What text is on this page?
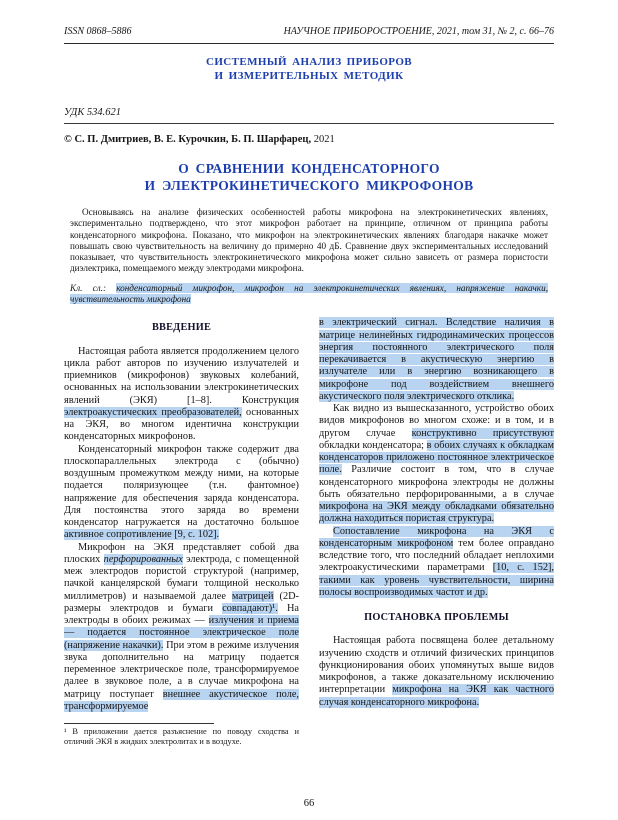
ISSN 0868–5886	НАУЧНОЕ ПРИБОРОСТРОЕНИЕ, 2021, том 31, № 2, с. 66–76
СИСТЕМНЫЙ АНАЛИЗ ПРИБОРОВ
И ИЗМЕРИТЕЛЬНЫХ МЕТОДИК
УДК 534.621
© С. П. Дмитриев, В. Е. Курочкин, Б. П. Шарфарец, 2021
О СРАВНЕНИИ КОНДЕНСАТОРНОГО
И ЭЛЕКТРОКИНЕТИЧЕСКОГО МИКРОФОНОВ

Основываясь на анализе физических особенностей работы микрофона на электрокинетических явлениях, экспериментально подтверждено, что этот микрофон работает на принципе, отличном от принципа работы конденсаторного микрофона. Показано, что микрофон на электрокинетических явлениях благодаря накачке может повышать свою чувствительность на величину до примерно 40 дБ. Сравнение двух экспериментальных исследований показывает, что чувствительность электрокинетического микрофона может сильно зависеть от размера пористости диэлектрика, помещаемого между электродами микрофона.

Кл. сл.: конденсаторный микрофон, микрофон на электрокинетических явлениях, напряжение накачки, чувствительность микрофона

ВВЕДЕНИЕ

Настоящая работа является продолжением целого цикла работ авторов по изучению излучателей и приемников (микрофонов) звуковых колебаний, основанных на использовании электрокинетических явлений (ЭКЯ) [1–8]. Конструкция электроакустических преобразователей, основанных на ЭКЯ, во многом идентична конструкции конденсаторных микрофонов.

Конденсаторный микрофон также содержит два плоскопараллельных электрода с (обычно) воздушным промежутком между ними, на которые подается поляризующее (т.н. фантомное) напряжение для обеспечения заряда конденсатора. Для постоянства этого заряда во времени конденсатор нагружается на достаточно большое активное сопротивление [9, с. 102].

Микрофон на ЭКЯ представляет собой два плоских перфорированных электрода, с помещенной меж электродов пористой структурой (например, пачкой канцелярской бумаги толщиной несколько миллиметров) и называемой далее матрицей (2D-размеры электродов и бумаги совпадают)¹. На электроды в обоих режимах — излучения и приема — подается постоянное электрическое поле (напряжение накачки). При этом в режиме излучения звука дополнительно на матрицу подается переменное электрическое поле, трансформируемое далее в звуковое поле, а в случае микрофона на матрицу поступает внешнее акустическое поле, трансформируемое

¹ В приложении дается разъяснение по поводу сходства и отличий ЭКЯ в жидких электролитах и в воздухе.

в электрический сигнал. Вследствие наличия в матрице нелинейных гидродинамических процессов энергия постоянного электрического поля перекачивается в акустическую энергию в излучателе или в энергию возникающего в микрофоне под воздействием внешнего акустического поля электрического отклика.

Как видно из вышесказанного, устройство обоих видов микрофонов во многом схоже: и в том, и в другом случае конструктивно присутствуют обкладки конденсатора; в обоих случаях к обкладкам конденсаторов приложено постоянное электрическое поле. Различие состоит в том, что в случае конденсаторного микрофона электроды не должны быть обязательно перфорированными, а в случае микрофона на ЭКЯ между обкладками обязательно должна находиться пористая структура.

Сопоставление микрофона на ЭКЯ с конденсаторным микрофоном тем более оправдано вследствие того, что последний обладает неплохими электроакустическими параметрами [10, с. 152], такими как уровень чувствительности, ширина полосы воспроизводимых частот и др.

ПОСТАНОВКА ПРОБЛЕМЫ

Настоящая работа посвящена более детальному изучению сходств и отличий физических принципов функционирования обоих упомянутых выше видов микрофонов, а также доказательному исключению интерпретации микрофона на ЭКЯ как частного случая конденсаторного микрофона.

66
